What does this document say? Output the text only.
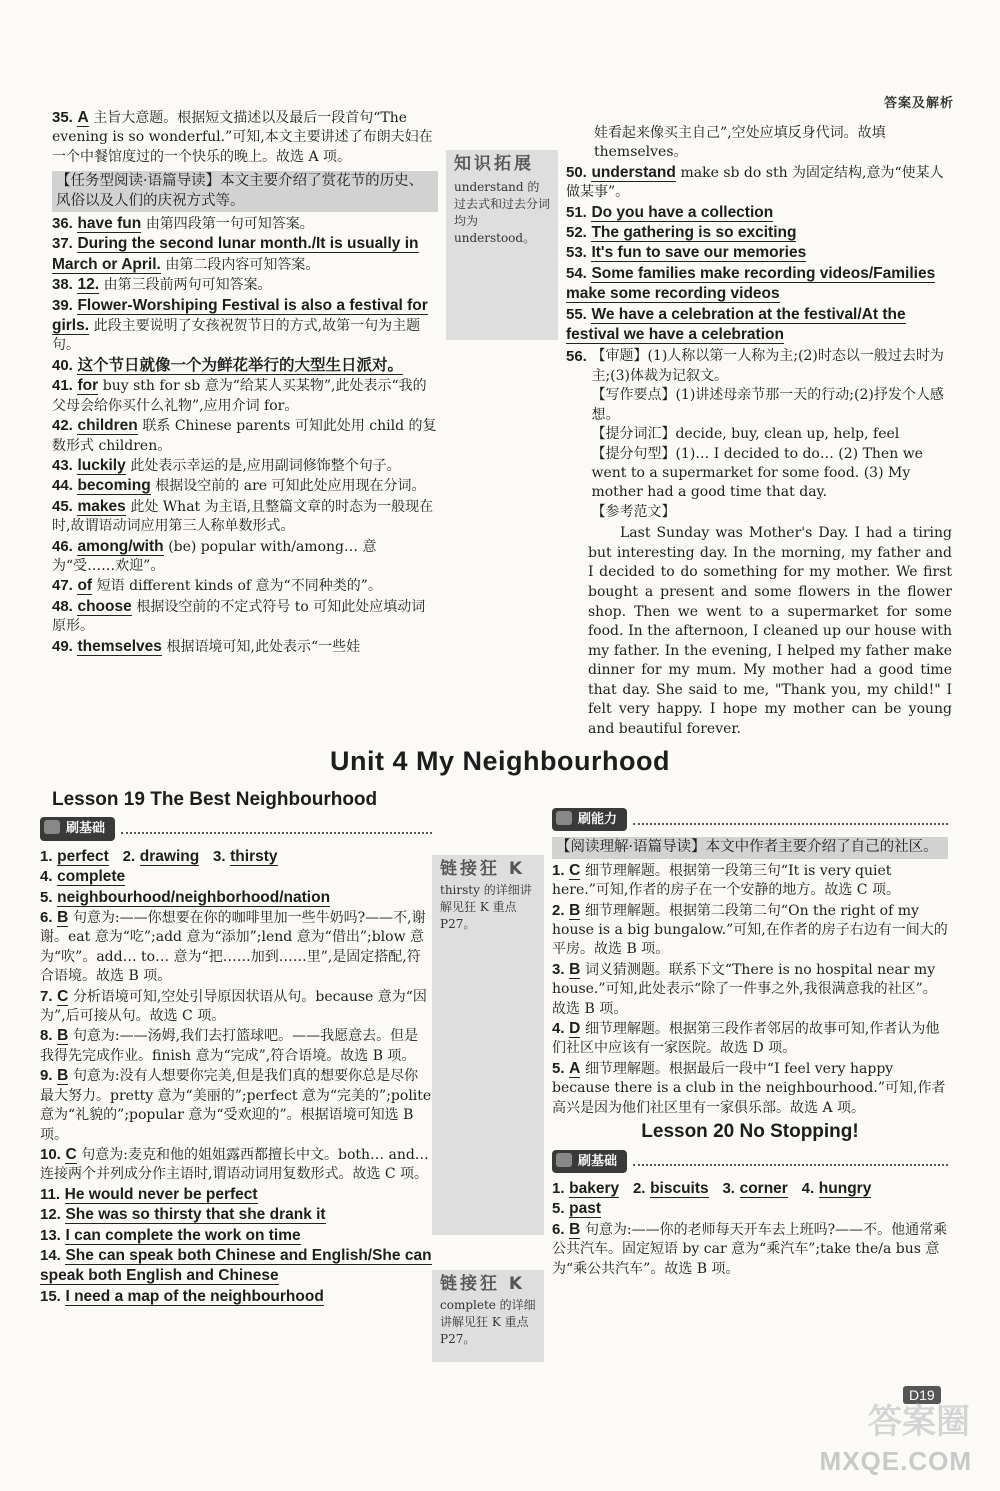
答案及解析
35. A 主旨大意题。根据短文描述以及最后一段首句“The evening is so wonderful.”可知,本文主要讲述了布朗夫妇在一个中餐馆度过的一个快乐的晚上。故选 A 项。
【任务型阅读·语篇导读】本文主要介绍了赏花节的历史、风俗以及人们的庆祝方式等。
36. have fun 由第四段第一句可知答案。
37. During the second lunar month./It is usually in March or April. 由第二段内容可知答案。
38. 12. 由第三段前两句可知答案。
39. Flower-Worshiping Festival is also a festival for girls. 此段主要说明了女孩祝贺节日的方式,故第一句为主题句。
40. 这个节日就像一个为鲜花举行的大型生日派对。
41. for buy sth for sb 意为“给某人买某物”,此处表示“我的父母会给你买什么礼物”,应用介词 for。
42. children 联系 Chinese parents 可知此处用 child 的复数形式 children。
43. luckily 此处表示幸运的是,应用副词修饰整个句子。
44. becoming 根据设空前的 are 可知此处应用现在分词。
45. makes 此处 What 为主语,且整篇文章的时态为一般现在时,故谓语动词应用第三人称单数形式。
46. among/with (be) popular with/among… 意为“受……欢迎”。
47. of 短语 different kinds of 意为“不同种类的”。
48. choose 根据设空前的不定式符号 to 可知此处应填动词原形。
49. themselves 根据语境可知,此处表示“一些娃
知识拓展
understand 的过去式和过去分词均为 understood。
娃看起来像买主自己”,空处应填反身代词。故填 themselves。
50. understand make sb do sth 为固定结构,意为“使某人做某事”。
51. Do you have a collection
52. The gathering is so exciting
53. It's fun to save our memories
54. Some families make recording videos/Families make some recording videos
55. We have a celebration at the festival/At the festival we have a celebration
56. 【审题】(1)人称以第一人称为主;(2)时态以一般过去时为主;(3)体裁为记叙文。
【写作要点】(1)讲述母亲节那一天的行动;(2)抒发个人感想。
【提分词汇】decide, buy, clean up, help, feel
【提分句型】(1)… I decided to do… (2) Then we went to a supermarket for some food. (3) My mother had a good time that day.
【参考范文】
Last Sunday was Mother's Day. I had a tiring but interesting day. In the morning, my father and I decided to do something for my mother. We first bought a present and some flowers in the flower shop. Then we went to a supermarket for some food. In the afternoon, I cleaned up our house with my father. In the evening, I helped my father make dinner for my mum. My mother had a good time that day. She said to me, "Thank you, my child!" I felt very happy. I hope my mother can be young and beautiful forever.
Unit 4 My Neighbourhood
Lesson 19 The Best Neighbourhood
刷基础
1. perfect 2. drawing 3. thirsty
4. complete
5. neighbourhood/neighborhood/nation
6. B 句意为:——你想要在你的咖啡里加一些牛奶吗?——不,谢谢。eat 意为“吃”;add 意为“添加”;lend 意为“借出”;blow 意为“吹”。add… to… 意为“把……加到……里”,是固定搭配,符合语境。故选 B 项。
7. C 分析语境可知,空处引导原因状语从句。because 意为“因为”,后可接从句。故选 C 项。
8. B 句意为:——汤姆,我们去打篮球吧。——我愿意去。但是我得先完成作业。finish 意为“完成”,符合语境。故选 B 项。
9. B 句意为:没有人想要你完美,但是我们真的想要你总是尽你最大努力。pretty 意为“美丽的”;perfect 意为“完美的”;polite 意为“礼貌的”;popular 意为“受欢迎的”。根据语境可知选 B 项。
10. C 句意为:麦克和他的姐姐露西都擅长中文。both… and… 连接两个并列成分作主语时,谓语动词用复数形式。故选 C 项。
11. He would never be perfect
12. She was so thirsty that she drank it
13. I can complete the work on time
14. She can speak both Chinese and English/She can speak both English and Chinese
15. I need a map of the neighbourhood
链接狂 K
thirsty 的详细讲解见狂 K 重点 P27。
链接狂 K
complete 的详细讲解见狂 K 重点 P27。
刷能力
【阅读理解·语篇导读】本文中作者主要介绍了自己的社区。
1. C 细节理解题。根据第一段第三句“It is very quiet here.”可知,作者的房子在一个安静的地方。故选 C 项。
2. B 细节理解题。根据第二段第二句“On the right of my house is a big bungalow.”可知,在作者的房子右边有一间大的平房。故选 B 项。
3. B 词义猜测题。联系下文“There is no hospital near my house.”可知,此处表示“除了一件事之外,我很满意我的社区”。故选 B 项。
4. D 细节理解题。根据第三段作者邻居的故事可知,作者认为他们社区中应该有一家医院。故选 D 项。
5. A 细节理解题。根据最后一段中“I feel very happy because there is a club in the neighbourhood.”可知,作者高兴是因为他们社区里有一家俱乐部。故选 A 项。
Lesson 20 No Stopping!
刷基础
1. bakery 2. biscuits 3. corner 4. hungry
5. past
6. B 句意为:——你的老师每天开车去上班吗?——不。他通常乘公共汽车。固定短语 by car 意为“乘汽车”;take the/a bus 意为“乘公共汽车”。故选 B 项。
D19
答案圈
MXQE.COM
